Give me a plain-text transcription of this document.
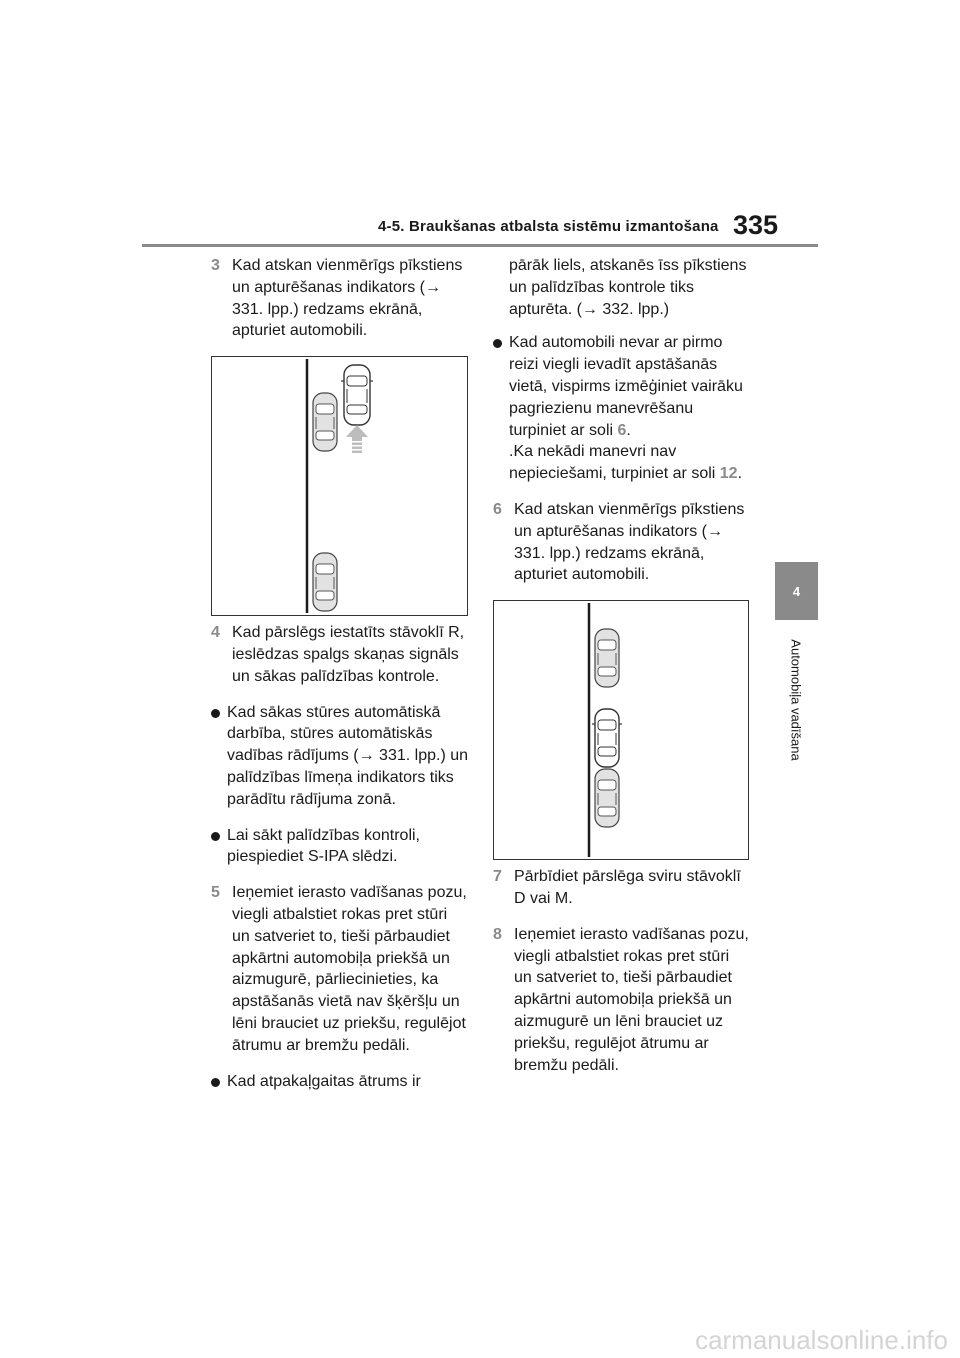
4-5. Braukšanas atbalsta sistēmu izmantošana 335
4
Automobiļa vadīšana

3 Kad atskan vienmērīgs pīkstiens un apturēšanas indikators (→ 331. lpp.) redzams ekrānā, apturiet automobili.

4 Kad pārslēgs iestatīts stāvoklī R, ieslēdzas spalgs skaņas signāls un sākas palīdzības kontrole.

Kad sākas stūres automātiskā darbība, stūres automātiskās vadības rādījums (→ 331. lpp.) un palīdzības līmeņa indikators tiks parādītu rādījuma zonā.

Lai sākt palīdzības kontroli, piespiediet S-IPA slēdzi.

5 Ieņemiet ierasto vadīšanas pozu, viegli atbalstiet rokas pret stūri un satveriet to, tieši pārbaudiet apkārtni automobiļa priekšā un aizmugurē, pārliecinieties, ka apstāšanās vietā nav šķēršļu un lēni brauciet uz priekšu, regulējot ātrumu ar bremžu pedāli.

Kad atpakaļgaitas ātrums ir

pārāk liels, atskanēs īss pīkstiens un palīdzības kontrole tiks apturēta. (→ 332. lpp.)

Kad automobili nevar ar pirmo reizi viegli ievadīt apstāšanās vietā, vispirms izmēģiniet vairāku pagriezienu manevrēšanu turpiniet ar soli 6.
.Ka nekādi manevri nav nepieciešami, turpiniet ar soli 12.

6 Kad atskan vienmērīgs pīkstiens un apturēšanas indikators (→ 331. lpp.) redzams ekrānā, apturiet automobili.

7 Pārbīdiet pārslēga sviru stāvoklī D vai M.

8 Ieņemiet ierasto vadīšanas pozu, viegli atbalstiet rokas pret stūri un satveriet to, tieši pārbaudiet apkārtni automobiļa priekšā un aizmugurē un lēni brauciet uz priekšu, regulējot ātrumu ar bremžu pedāli.

carmanualsonline.info
